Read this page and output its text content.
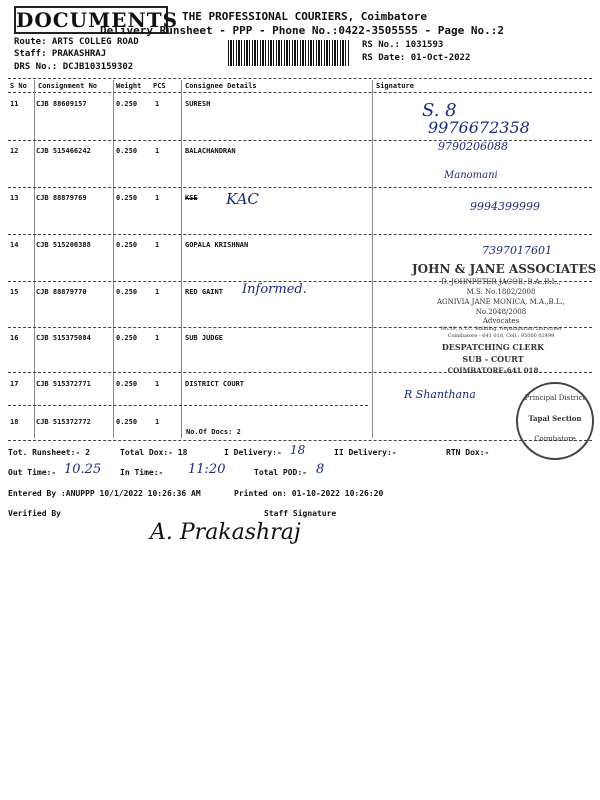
DOCUMENTS THE PROFESSIONAL COURIERS, Coimbatore
Delivery Runsheet - PPP - Phone No.:0422-3505555 - Page No.:2
Route: ARTS COLLEG ROAD
Staff: PRAKASHRAJ
DRS No.: DCJB103159302
RS No.: 1031593
RS Date: 01-Oct-2022
S No Consignment No	Weight PCS	Consignee Details	Signature
11	CJB 88609157	0.250	1	SURESH
12	CJB 515466242	0.250	1	BALACHANDRAN
13	CJB 88879769	0.250	1	KSE
14	CJB 515200388	0.250	1	GOPALA KRISHNAN
15	CJB 88879770	0.250	1	RED GAINT
16	CJB 515375084	0.250	1	SUB JUDGE
17	CJB 515372771	0.250	1	DISTRICT COURT
18	CJB 515372772	0.250	1
No.Of Docs: 2
S. 8
9976672358
9790206088
Manomani
KAC	9994399999
7397017601
Informed.
R Shanthana
JOHN & JANE ASSOCIATES
D. JOHNPETER JACOB, B.A.,B.L.,
M.S. No.1802/2008
AGNIVIA JANE MONICA, M.A.,B.L.,
No.2048/2008
Advocates
No.39, A.T.C. Building, Gopalapuram 2nd street
Coimbatore - 641 018, Cell : 95000 02499
DESPATCHING CLERK
SUB - COURT
COIMBATORE-641 018
Principal District
Tapal Section
Coimbatore
Tot. Runsheet:- 2	Total Dox:- 18	I Delivery:- 18	II Delivery:-	RTN Dox:-
Out Time:- 10.25 In Time:- 11:20	Total POD:- 8
Entered By :ANUPPP 10/1/2022 10:26:36 AM	Printed on: 01-10-2022 10:26:20
Verified By	Staff Signature
A. Prakashraj
